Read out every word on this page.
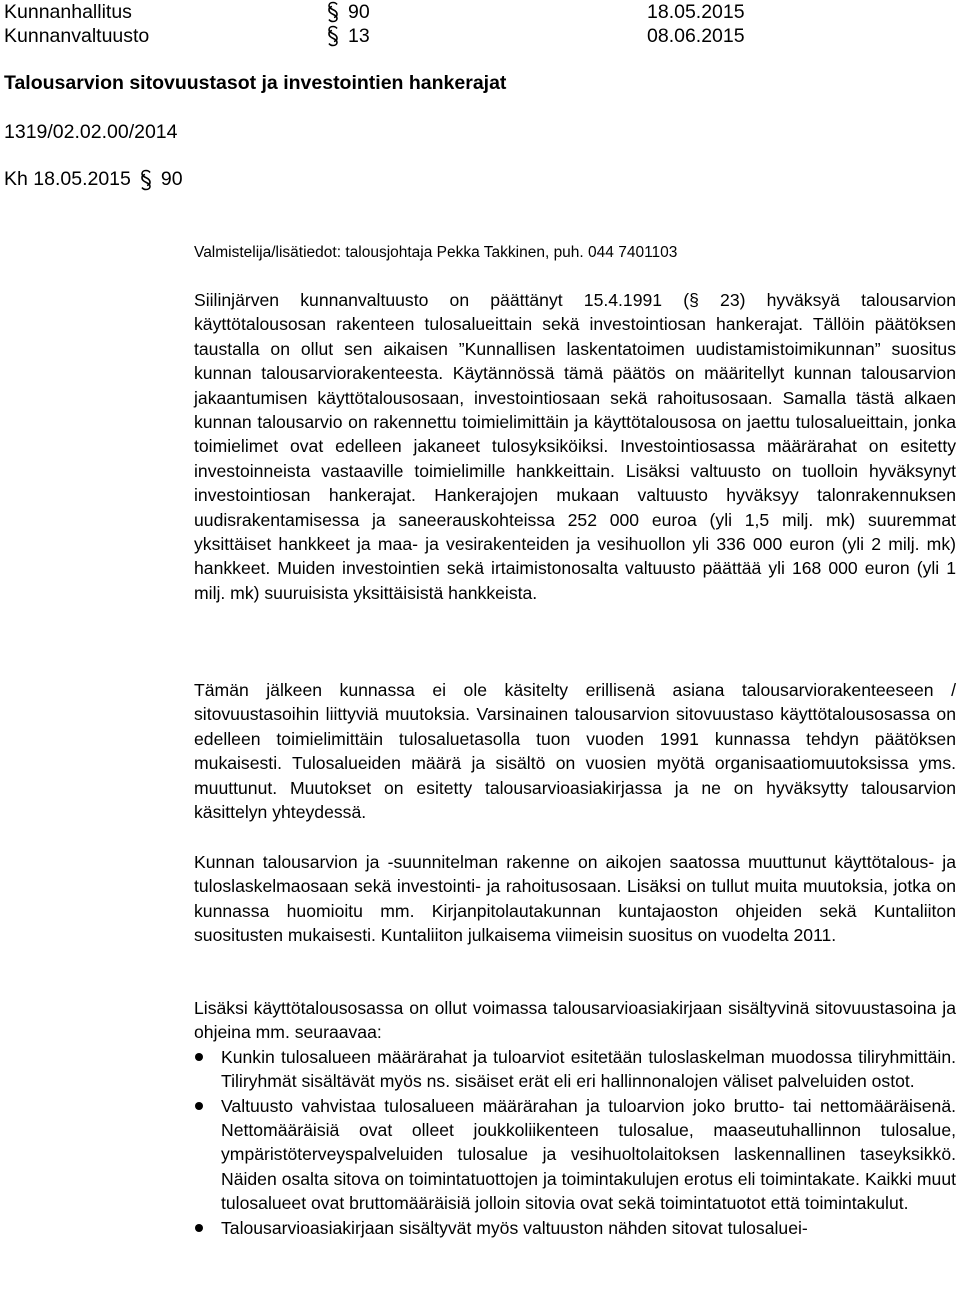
Kunnanhallitus	90	18.05.2015
Kunnanvaltuusto	13	08.06.2015
Talousarvion sitovuustasot ja investointien hankerajat
1319/02.02.00/2014
Kh 18.05.2015 90
Valmistelija/lisätiedot: talousjohtaja Pekka Takkinen, puh. 044 7401103

Siilinjärven kunnanvaltuusto on päättänyt 15.4.1991 (§ 23) hyväksyä talousarvion käyttötalousosan rakenteen tulosalueittain sekä investointiosan hankerajat. Tällöin päätöksen taustalla on ollut sen aikaisen ”Kunnallisen laskentatoimen uudistamistoimikunnan” suositus kunnan talousarviorakenteesta. Käytännössä tämä päätös on määritellyt kunnan talousarvion jakaantumisen käyttötalousosaan, investointiosaan sekä rahoitusosaan. Samalla tästä alkaen kunnan talousarvio on rakennettu toimielimittäin ja käyttötalousosa on jaettu tulosalueittain, jonka toimielimet ovat edelleen jakaneet tulosyksiköiksi. Investointiosassa määrärahat on esitetty investoinneista vastaaville toimielimille hankkeittain. Lisäksi valtuusto on tuolloin hyväksynyt investointiosan hankerajat. Hankerajojen mukaan valtuusto hyväksyy talonrakennuksen uudisrakentamisessa ja saneerauskohteissa 252 000 euroa (yli 1,5 milj. mk) suuremmat yksittäiset hankkeet ja maa- ja vesirakenteiden ja vesihuollon yli 336 000 euron (yli 2 milj. mk) hankkeet. Muiden investointien sekä irtaimistonosalta valtuusto päättää yli 168 000 euron (yli 1 milj. mk) suuruisista yksittäisistä hankkeista.

Tämän jälkeen kunnassa ei ole käsitelty erillisenä asiana talousarviorakenteeseen / sitovuustasoihin liittyviä muutoksia. Varsinainen talousarvion sitovuustaso käyttötalousosassa on edelleen toimielimittäin tulosaluetasolla tuon vuoden 1991 kunnassa tehdyn päätöksen mukaisesti. Tulosalueiden määrä ja sisältö on vuosien myötä organisaatiomuutoksissa yms. muuttunut. Muutokset on esitetty talousarvioasiakirjassa ja ne on hyväksytty talousarvion käsittelyn yhteydessä.

Kunnan talousarvion ja -suunnitelman rakenne on aikojen saatossa muuttunut käyttötalous- ja tuloslaskelmaosaan sekä investointi- ja rahoitusosaan. Lisäksi on tullut muita muutoksia, jotka on kunnassa huomioitu mm. Kirjanpitolautakunnan kuntajaoston ohjeiden sekä Kuntaliiton suositusten mukaisesti. Kuntaliiton julkaisema viimeisin suositus on vuodelta 2011.

Lisäksi käyttötalousosassa on ollut voimassa talousarvioasiakirjaan sisältyvinä sitovuustasoina ja ohjeina mm. seuraavaa:

Kunkin tulosalueen määrärahat ja tuloarviot esitetään tuloslaskelman muodossa tiliryhmittäin. Tiliryhmät sisältävät myös ns. sisäiset erät eli eri hallinnonalojen väliset palveluiden ostot.
Valtuusto vahvistaa tulosalueen määrärahan ja tuloarvion joko brutto- tai nettomääräisenä. Nettomääräisiä ovat olleet joukkoliikenteen tulosalue, maaseutuhallinnon tulosalue, ympäristöterveyspalveluiden tulosalue ja vesihuoltolaitoksen laskennallinen taseyksikkö. Näiden osalta sitova on toimintatuottojen ja toimintakulujen erotus eli toimintakate. Kaikki muut tulosalueet ovat bruttomääräisiä jolloin sitovia ovat sekä toimintatuotot että toimintakulut.
Talousarvioasiakirjaan sisältyvät myös valtuuston nähden sitovat tulosaluei-
